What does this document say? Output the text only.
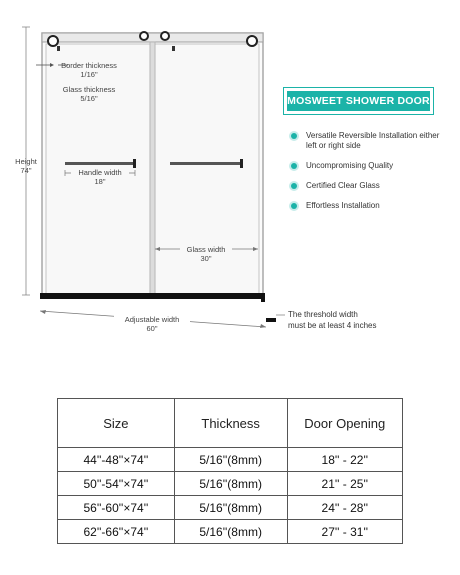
Height
74"
Border thickness
1/16"
Glass thickness
5/16"
Handle width
18"
Glass width
30"
Adjustable width
60"
MOSWEET SHOWER DOOR
Versatile Reversible Installation either left or right side
Uncompromising Quality
Certified Clear Glass
Effortless Installation
The threshold width
must be at least 4 inches
Size	Thickness	Door Opening
44''-48''×74''	5/16''(8mm)	18'' - 22''
50''-54''×74''	5/16''(8mm)	21'' - 25''
56''-60''×74''	5/16''(8mm)	24'' - 28''
62''-66''×74''	5/16''(8mm)	27'' - 31''
